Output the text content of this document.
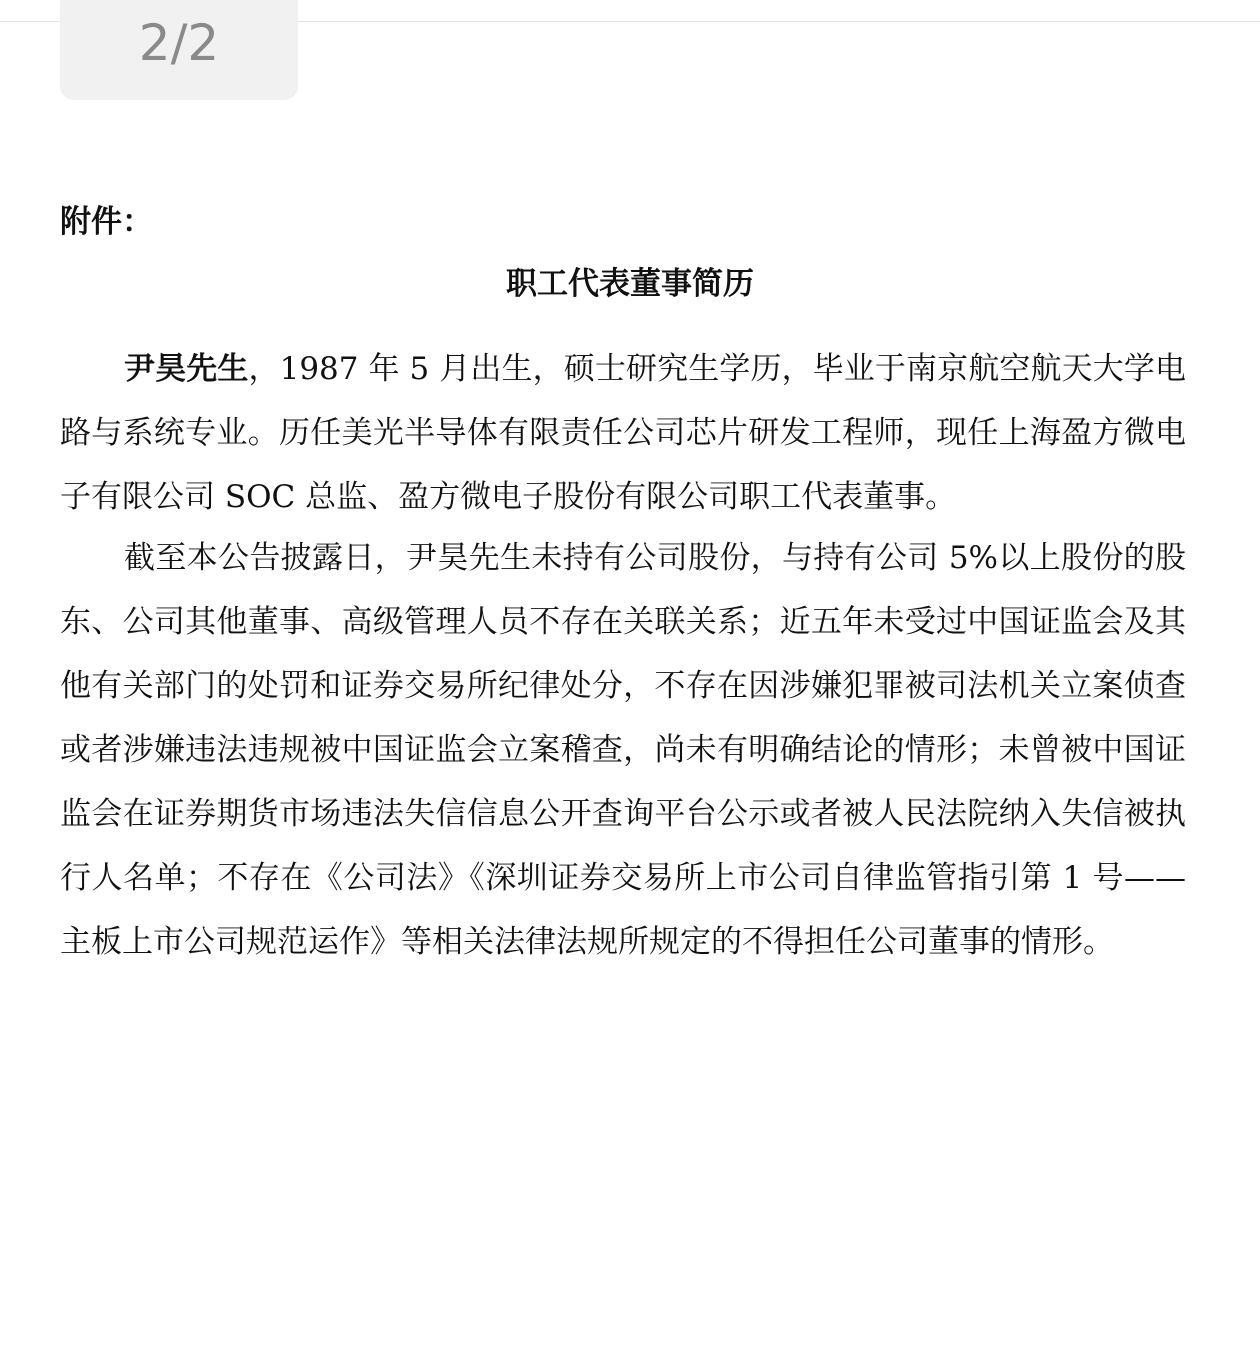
2/2
附件：
职工代表董事简历
尹昊先生，1987 年 5 月出生，硕士研究生学历，毕业于南京航空航天大学电路与系统专业。历任美光半导体有限责任公司芯片研发工程师，现任上海盈方微电子有限公司 SOC 总监、盈方微电子股份有限公司职工代表董事。
截至本公告披露日，尹昊先生未持有公司股份，与持有公司 5%以上股份的股东、公司其他董事、高级管理人员不存在关联关系；近五年未受过中国证监会及其他有关部门的处罚和证券交易所纪律处分，不存在因涉嫌犯罪被司法机关立案侦查或者涉嫌违法违规被中国证监会立案稽查，尚未有明确结论的情形；未曾被中国证监会在证券期货市场违法失信信息公开查询平台公示或者被人民法院纳入失信被执行人名单；不存在《公司法》《深圳证券交易所上市公司自律监管指引第 1 号——主板上市公司规范运作》等相关法律法规所规定的不得担任公司董事的情形。
